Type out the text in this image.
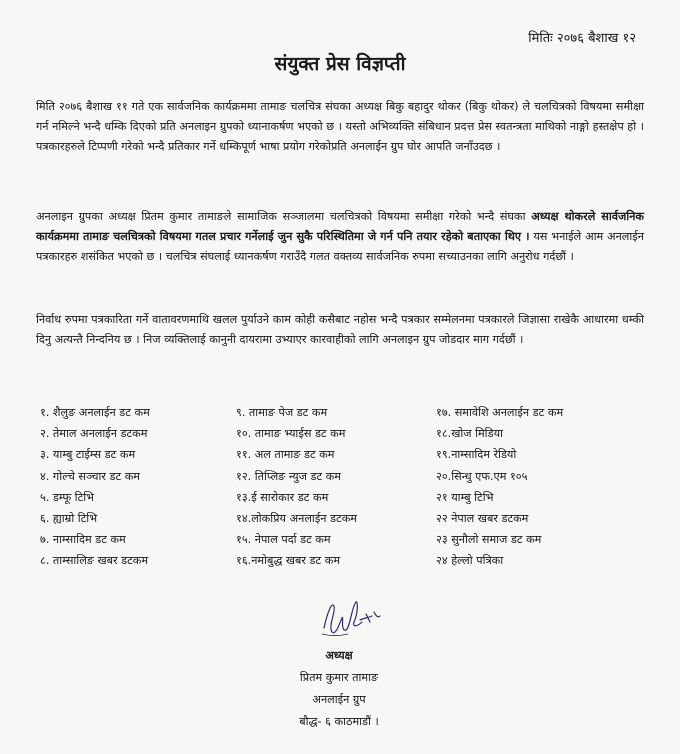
मितिः २०७६ बैशाख १२
संयुक्त प्रेस विज्ञप्ती
मिति २०७६ बैशाख ११ गते एक सार्वजनिक कार्यक्रममा तामाङ चलचित्र संघका अध्यक्ष बिकु बहादुर थोकर (बिकु थोकर) ले चलचित्रको विषयमा समीक्षा गर्न नमिल्ने भन्दै धम्कि दिएको प्रति अनलाइन ग्रुपको ध्यानाकर्षण भएको छ । यस्तो अभिव्यक्ति संबिधान प्रदत्त प्रेस स्वतन्त्रता माथिको नाङ्गो हस्तक्षेप हो । पत्रकारहरुले टिप्पणी गरेको भन्दै प्रतिकार गर्ने धम्किपूर्ण भाषा प्रयोग गरेकोप्रति अनलाईन ग्रुप घोर आपति जनाँउदछ ।
अनलाइन ग्रुपका अध्यक्ष प्रितम कुमार तामाङले सामाजिक सञ्जालमा चलचित्रको विषयमा समीक्षा गरेको भन्दै संघका अध्यक्ष थोकरले सार्वजनिक कार्यक्रममा तामाङ चलचित्रको विषयमा गतल प्रचार गर्नेलाई जुन सुकै परिस्थितिमा जे गर्न पनि तयार रहेको बताएका थिए । यस भनाईले आम अनलाईन पत्रकारहरु शसंकित भएको छ । चलचित्र संघलाई ध्यानकर्षण गराउँदै गलत वक्तव्य सार्वजनिक रुपमा सच्याउनका लागि अनुरोध गर्दछौं ।
निर्वाध रुपमा पत्रकारिता गर्ने वातावरणमाथि खलल पुर्याउने काम कोही कसैबाट नहोस भन्दै पत्रकार सम्मेलनमा पत्रकारले जिज्ञासा राखेकै आधारमा धम्की दिनु अत्यन्तै निन्दनिय छ । निज व्यक्तिलाई कानुनी दायरामा उभ्याएर कारवाहीको लागि अनलाइन ग्रुप जोडदार माग गर्दछौं ।
१. शैलुङ अनलाईन डट कम
२. तेमाल अनलाईन डटकम
३. याम्बु टाईम्स डट कम
४. गोल्चे सञ्चार डट कम
५. डम्फू टिभि
६. ह्याम्रो टिभि
७. नाम्सादिम डट कम
८. ताम्सालिङ खबर डटकम
९. तामाङ पेज डट कम
१०. तामाङ भ्याईस डट कम
११. अल तामाङ डट कम
१२. तिप्लिङ न्युज डट कम
१३.ई सारोकार डट कम
१४.लोकप्रिय अनलाईन डटकम
१५. नेपाल पर्दा डट कम
१६.नमोबुद्ध खबर डट कम
१७. समावेशि अनलाईन डट कम
१८.खोज मिडिया
१९.नाम्सादिम रेडियो
२०.सिन्धु एफ.एम १०५
२१ याम्बु टिभि
२२ नेपाल खबर डटकम
२३ सुनौलो समाज डट कम
२४ हेल्लो पत्रिका
अध्यक्ष
प्रितम कुमार तामाङ
अनलाईन ग्रुप
बौद्ध- ६ काठमाडौं ।
